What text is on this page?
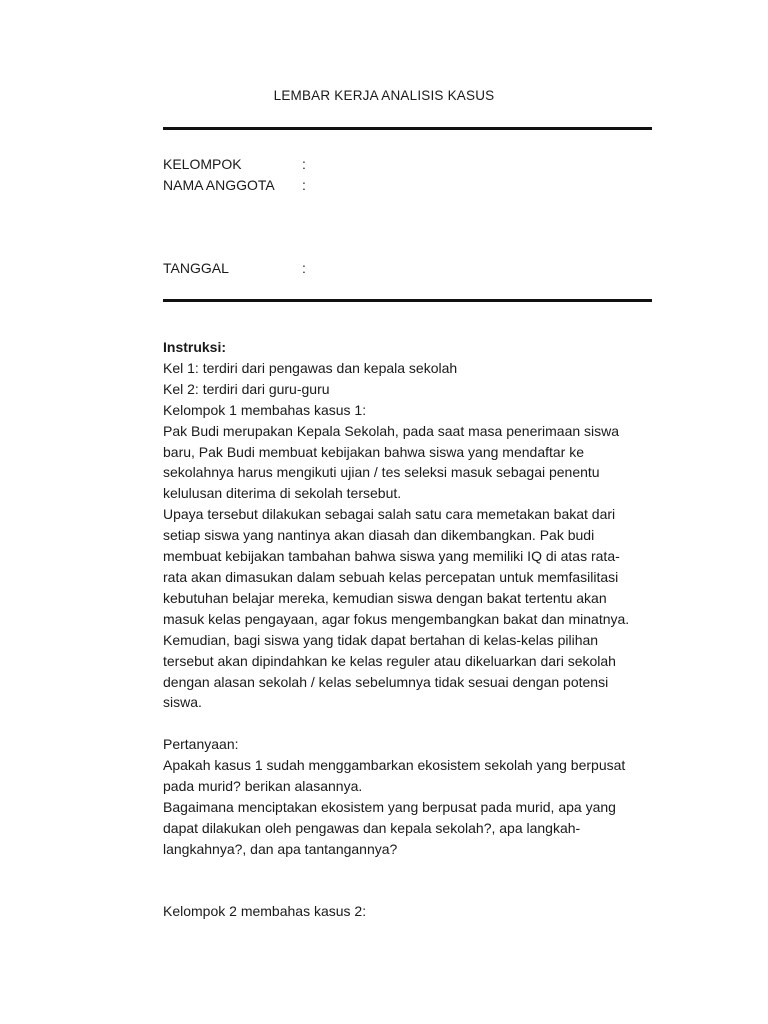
LEMBAR KERJA ANALISIS KASUS
KELOMPOK	:
NAMA ANGGOTA :
TANGGAL	:

Instruksi:

Kel 1: terdiri dari pengawas dan kepala sekolah

Kel 2: terdiri dari guru-guru

Kelompok 1 membahas kasus 1:

Pak Budi merupakan Kepala Sekolah, pada saat masa penerimaan siswa baru, Pak Budi membuat kebijakan bahwa siswa yang mendaftar ke sekolahnya harus mengikuti ujian / tes seleksi masuk sebagai penentu kelulusan diterima di sekolah tersebut.

Upaya tersebut dilakukan sebagai salah satu cara memetakan bakat dari setiap siswa yang nantinya akan diasah dan dikembangkan. Pak budi membuat kebijakan tambahan bahwa siswa yang memiliki IQ di atas rata-rata akan dimasukan dalam sebuah kelas percepatan untuk memfasilitasi kebutuhan belajar mereka, kemudian siswa dengan bakat tertentu akan masuk kelas pengayaan, agar fokus mengembangkan bakat dan minatnya. Kemudian, bagi siswa yang tidak dapat bertahan di kelas-kelas pilihan tersebut akan dipindahkan ke kelas reguler atau dikeluarkan dari sekolah dengan alasan sekolah / kelas sebelumnya tidak sesuai dengan potensi siswa.

Pertanyaan:

Apakah kasus 1 sudah menggambarkan ekosistem sekolah yang berpusat pada murid? berikan alasannya.

Bagaimana menciptakan ekosistem yang berpusat pada murid, apa yang dapat dilakukan oleh pengawas dan kepala sekolah?, apa langkah-langkahnya?, dan apa tantangannya?

Kelompok 2 membahas kasus 2:
